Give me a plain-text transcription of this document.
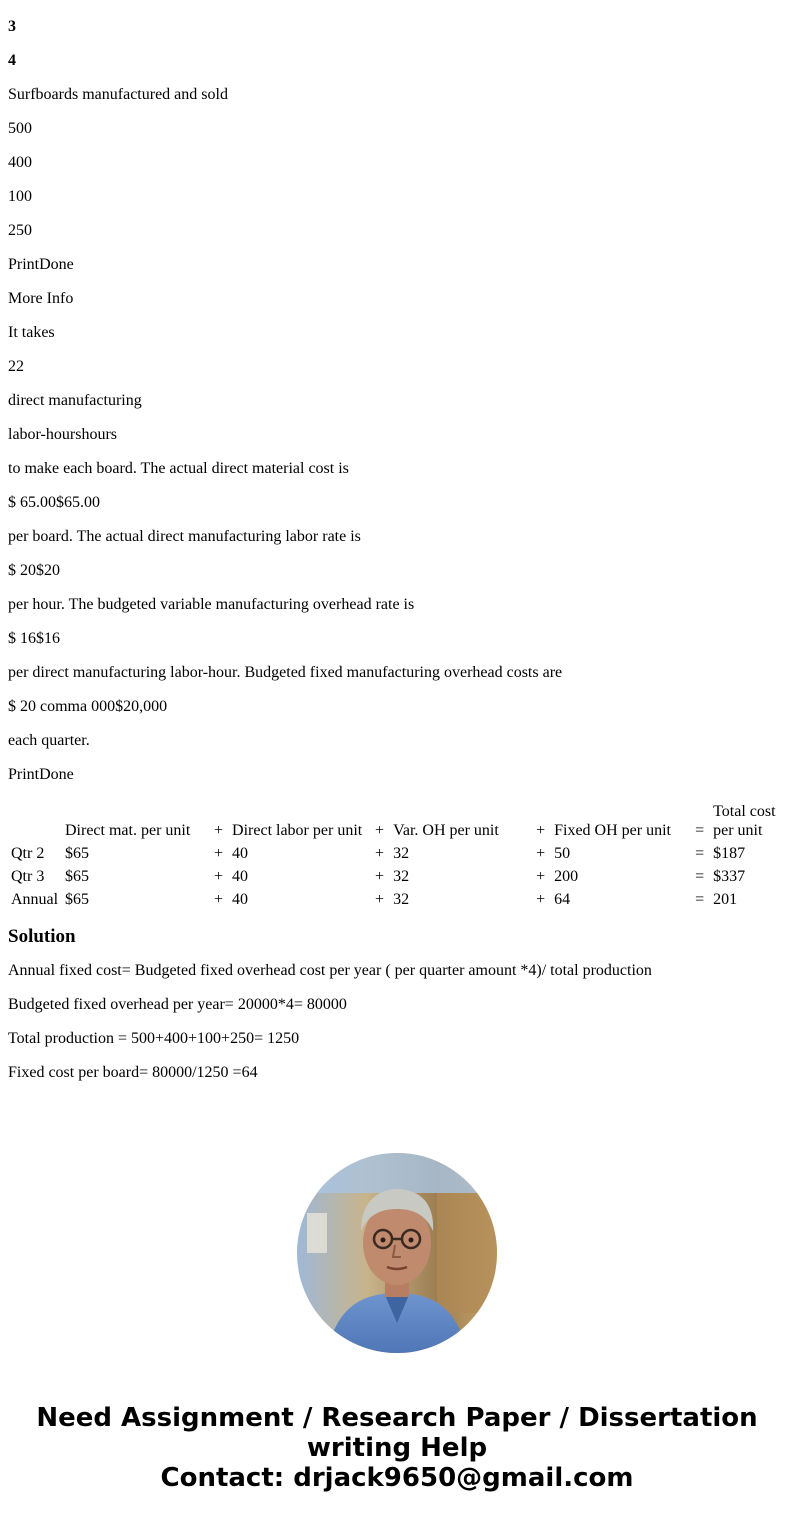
3

4

Surfboards manufactured and sold

500

400

100

250

PrintDone

More Info

It takes

22

direct manufacturing

labor-hourshours

to make each board. The actual direct material cost is

$ 65.00$65.00

per board. The actual direct manufacturing labor rate is

$ 20$20

per hour. The budgeted variable manufacturing overhead rate is

$ 16$16

per direct manufacturing labor-hour. Budgeted fixed manufacturing overhead costs are

$ 20 comma 000$20,000

each quarter.

PrintDone

	Direct mat. per unit	+	Direct labor per unit	+	Var. OH per unit	+	Fixed OH per unit	=	Total cost
per unit
Qtr 2	$65	+	40	+	32	+	50	=	$187
Qtr 3	$65	+	40	+	32	+	200	=	$337
Annual	$65	+	40	+	32	+	64	=	201
Solution

Annual fixed cost= Budgeted fixed overhead cost per year ( per quarter amount *4)/ total production

Budgeted fixed overhead per year= 20000*4= 80000

Total production = 500+400+100+250= 1250

Fixed cost per board= 80000/1250 =64

Need Assignment / Research Paper / Dissertation
writing Help
Contact: drjack9650@gmail.com
